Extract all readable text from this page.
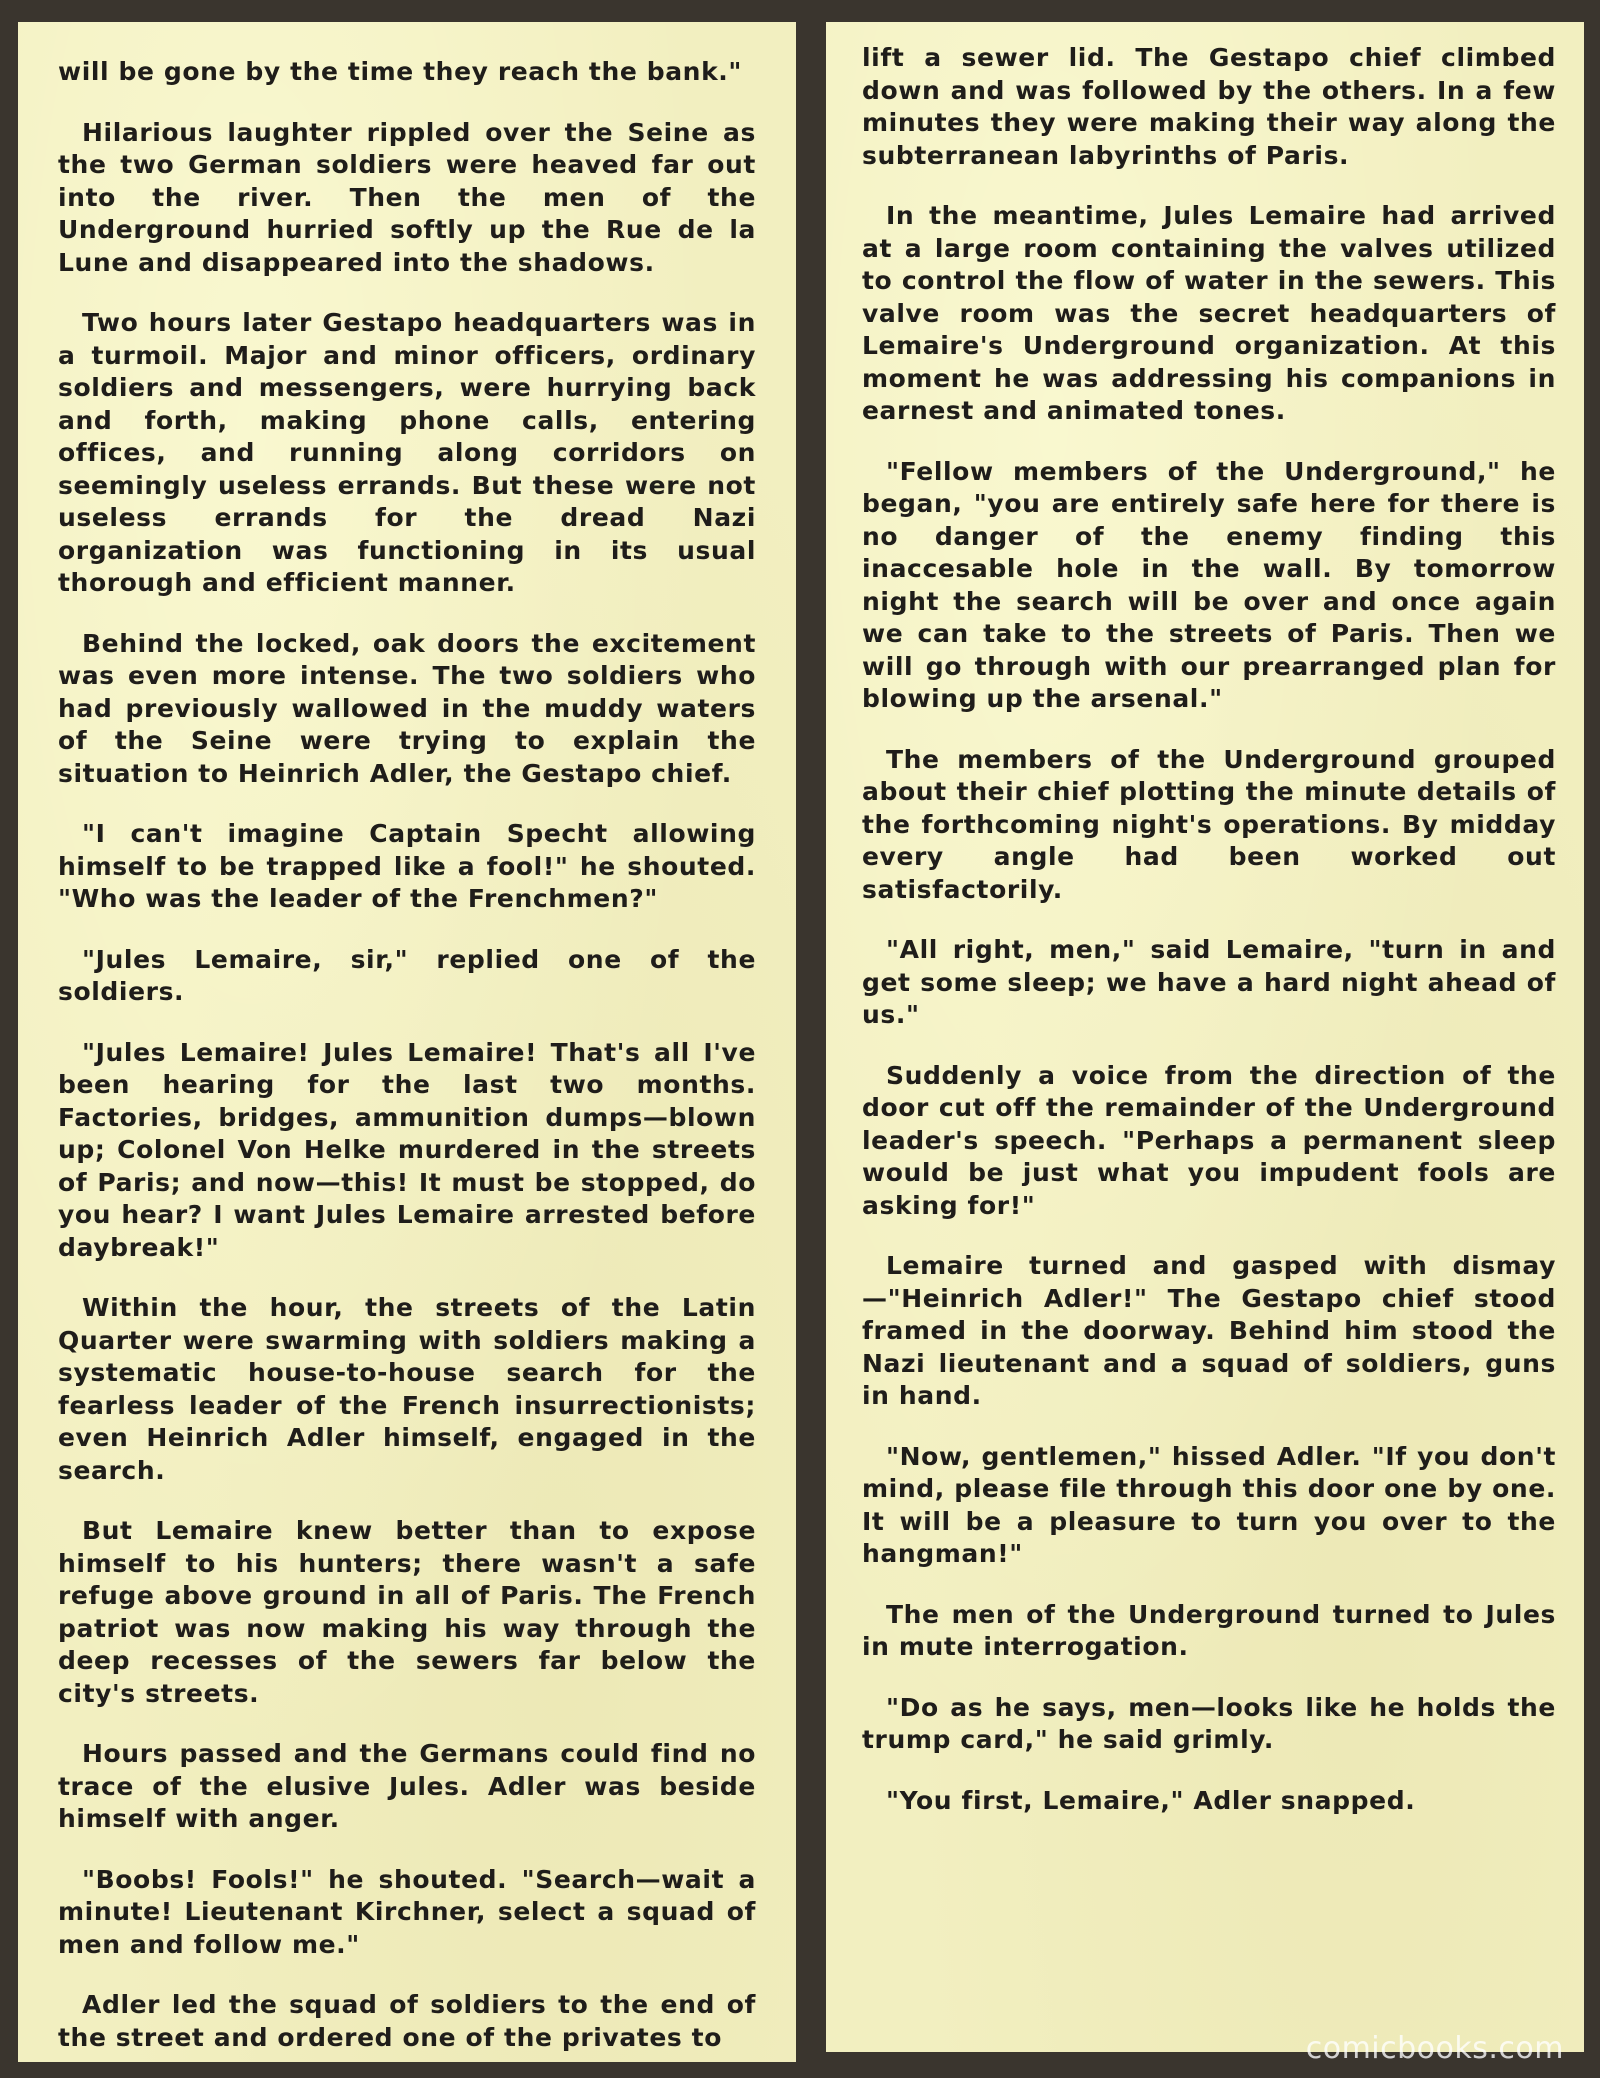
will be gone by the time they reach the bank."

Hilarious laughter rippled over the Seine as the two German soldiers were heaved far out into the river. Then the men of the Underground hurried softly up the Rue de la Lune and disappeared into the shadows.

Two hours later Gestapo headquarters was in a turmoil. Major and minor officers, ordinary soldiers and messengers, were hurrying back and forth, making phone calls, entering offices, and running along corridors on seemingly useless errands. But these were not useless errands for the dread Nazi organization was functioning in its usual thorough and efficient manner.

Behind the locked, oak doors the excitement was even more intense. The two soldiers who had previously wallowed in the muddy waters of the Seine were trying to explain the situation to Heinrich Adler, the Gestapo chief.

"I can't imagine Captain Specht allowing himself to be trapped like a fool!" he shouted. "Who was the leader of the Frenchmen?"

"Jules Lemaire, sir," replied one of the soldiers.

"Jules Lemaire! Jules Lemaire! That's all I've been hearing for the last two months. Factories, bridges, ammunition dumps—blown up; Colonel Von Helke murdered in the streets of Paris; and now—this! It must be stopped, do you hear? I want Jules Lemaire arrested before daybreak!"

Within the hour, the streets of the Latin Quarter were swarming with soldiers making a systematic house-to-house search for the fearless leader of the French insurrectionists; even Heinrich Adler himself, engaged in the search.

But Lemaire knew better than to expose himself to his hunters; there wasn't a safe refuge above ground in all of Paris. The French patriot was now making his way through the deep recesses of the sewers far below the city's streets.

Hours passed and the Germans could find no trace of the elusive Jules. Adler was beside himself with anger.

"Boobs! Fools!" he shouted. "Search—wait a minute! Lieutenant Kirchner, select a squad of men and follow me."

Adler led the squad of soldiers to the end of the street and ordered one of the privates to

lift a sewer lid. The Gestapo chief climbed down and was followed by the others. In a few minutes they were making their way along the subterranean labyrinths of Paris.

In the meantime, Jules Lemaire had arrived at a large room containing the valves utilized to control the flow of water in the sewers. This valve room was the secret headquarters of Lemaire's Underground organization. At this moment he was addressing his companions in earnest and animated tones.

"Fellow members of the Underground," he began, "you are entirely safe here for there is no danger of the enemy finding this inaccesable hole in the wall. By tomorrow night the search will be over and once again we can take to the streets of Paris. Then we will go through with our prearranged plan for blowing up the arsenal."

The members of the Underground grouped about their chief plotting the minute details of the forthcoming night's operations. By midday every angle had been worked out satisfactorily.

"All right, men," said Lemaire, "turn in and get some sleep; we have a hard night ahead of us."

Suddenly a voice from the direction of the door cut off the remainder of the Underground leader's speech. "Perhaps a permanent sleep would be just what you impudent fools are asking for!"

Lemaire turned and gasped with dismay—"Heinrich Adler!" The Gestapo chief stood framed in the doorway. Behind him stood the Nazi lieutenant and a squad of soldiers, guns in hand.

"Now, gentlemen," hissed Adler. "If you don't mind, please file through this door one by one. It will be a pleasure to turn you over to the hangman!"

The men of the Underground turned to Jules in mute interrogation.

"Do as he says, men—looks like he holds the trump card," he said grimly.

"You first, Lemaire," Adler snapped.

comicbooks.com
